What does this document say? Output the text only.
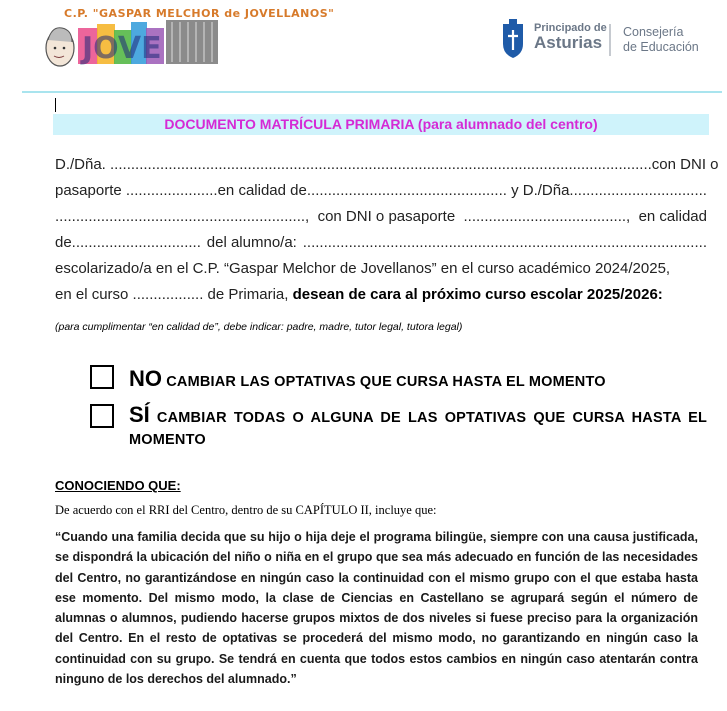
C.P. "GASPAR MELCHOR de JOVELLANOS"
JOVE
Principado de
Asturias
Consejería
de Educación
DOCUMENTO MATRÍCULA PRIMARIA (para alumnado del centro)
D./Dña. .................................................................................................................................. con DNI o
pasaporte ...................... en calidad de ................................................ y D./Dña. ................................
............................................................, con DNI o pasaporte ......................................., en calidad
de............................... del alumno/a: .................................................................................................
escolarizado/a en el C.P. “Gaspar Melchor de Jovellanos” en el curso académico 2024/2025,
en el curso ................. de Primaria, desean de cara al próximo curso escolar 2025/2026:
(para cumplimentar “en calidad de”, debe indicar: padre, madre, tutor legal, tutora legal)
NO CAMBIAR LAS OPTATIVAS QUE CURSA HASTA EL MOMENTO
SÍ CAMBIAR TODAS O ALGUNA DE LAS OPTATIVAS QUE CURSA HASTA EL MOMENTO
CONOCIENDO QUE:
De acuerdo con el RRI del Centro, dentro de su CAPÍTULO II, incluye que:
“Cuando una familia decida que su hijo o hija deje el programa bilingüe, siempre con una causa justificada, se dispondrá la ubicación del niño o niña en el grupo que sea más adecuado en función de las necesidades del Centro, no garantizándose en ningún caso la continuidad con el mismo grupo con el que estaba hasta ese momento. Del mismo modo, la clase de Ciencias en Castellano se agrupará según el número de alumnas o alumnos, pudiendo hacerse grupos mixtos de dos niveles si fuese preciso para la organización del Centro. En el resto de optativas se procederá del mismo modo, no garantizando en ningún caso la continuidad con su grupo. Se tendrá en cuenta que todos estos cambios en ningún caso atentarán contra ninguno de los derechos del alumnado.”
